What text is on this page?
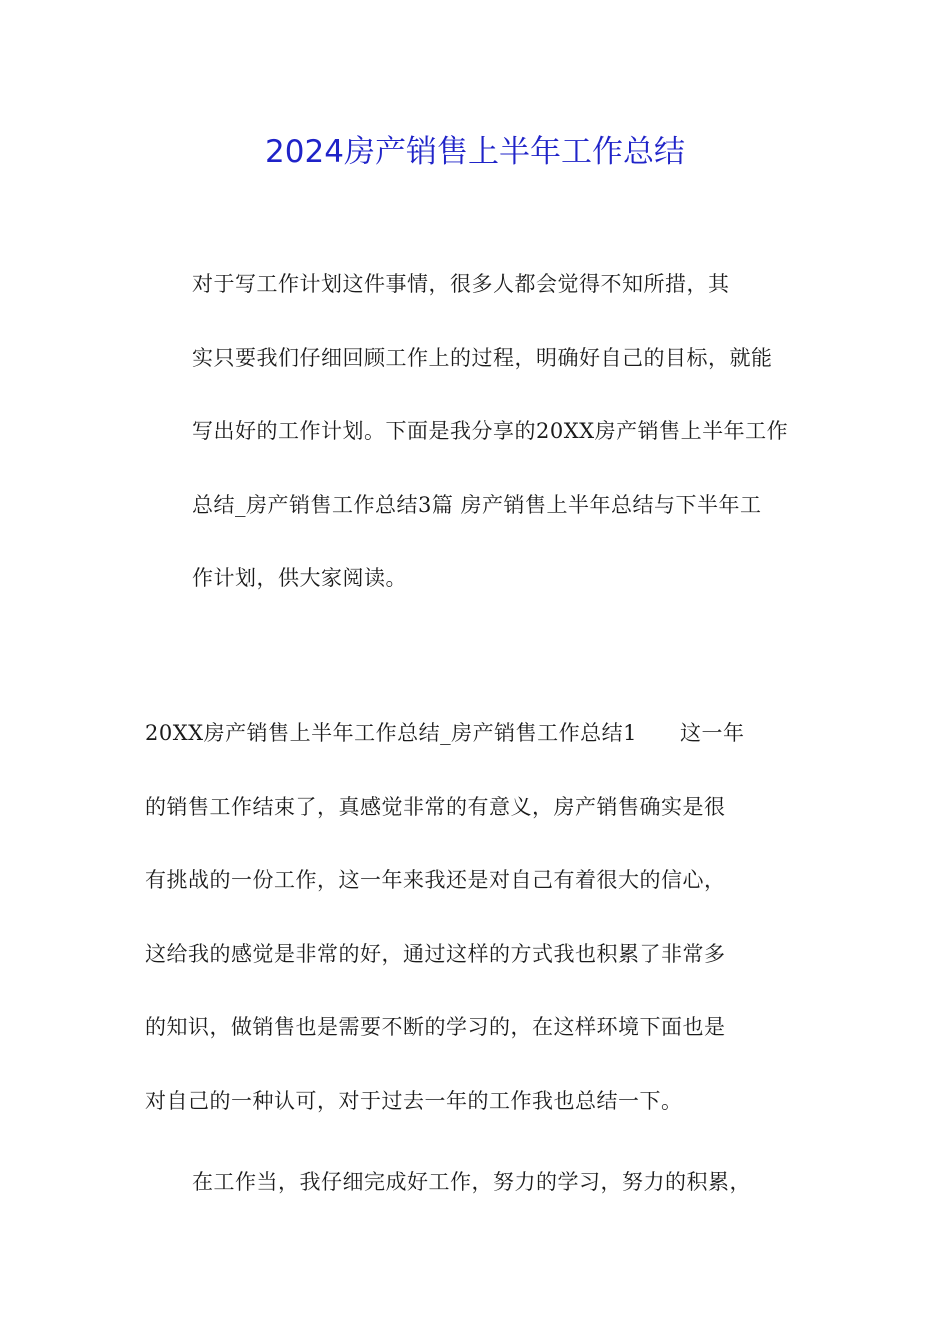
2024房产销售上半年工作总结

对于写工作计划这件事情，很多人都会觉得不知所措，其
实只要我们仔细回顾工作上的过程，明确好自己的目标，就能
写出好的工作计划。下面是我分享的20XX房产销售上半年工作
总结_房产销售工作总结3篇 房产销售上半年总结与下半年工
作计划，供大家阅读。

20XX房产销售上半年工作总结_房产销售工作总结1　　这一年
的销售工作结束了，真感觉非常的有意义，房产销售确实是很
有挑战的一份工作，这一年来我还是对自己有着很大的信心，
这给我的感觉是非常的好，通过这样的方式我也积累了非常多
的知识，做销售也是需要不断的学习的，在这样环境下面也是
对自己的一种认可，对于过去一年的工作我也总结一下。

在工作当，我仔细完成好工作，努力的学习，努力的积累，
